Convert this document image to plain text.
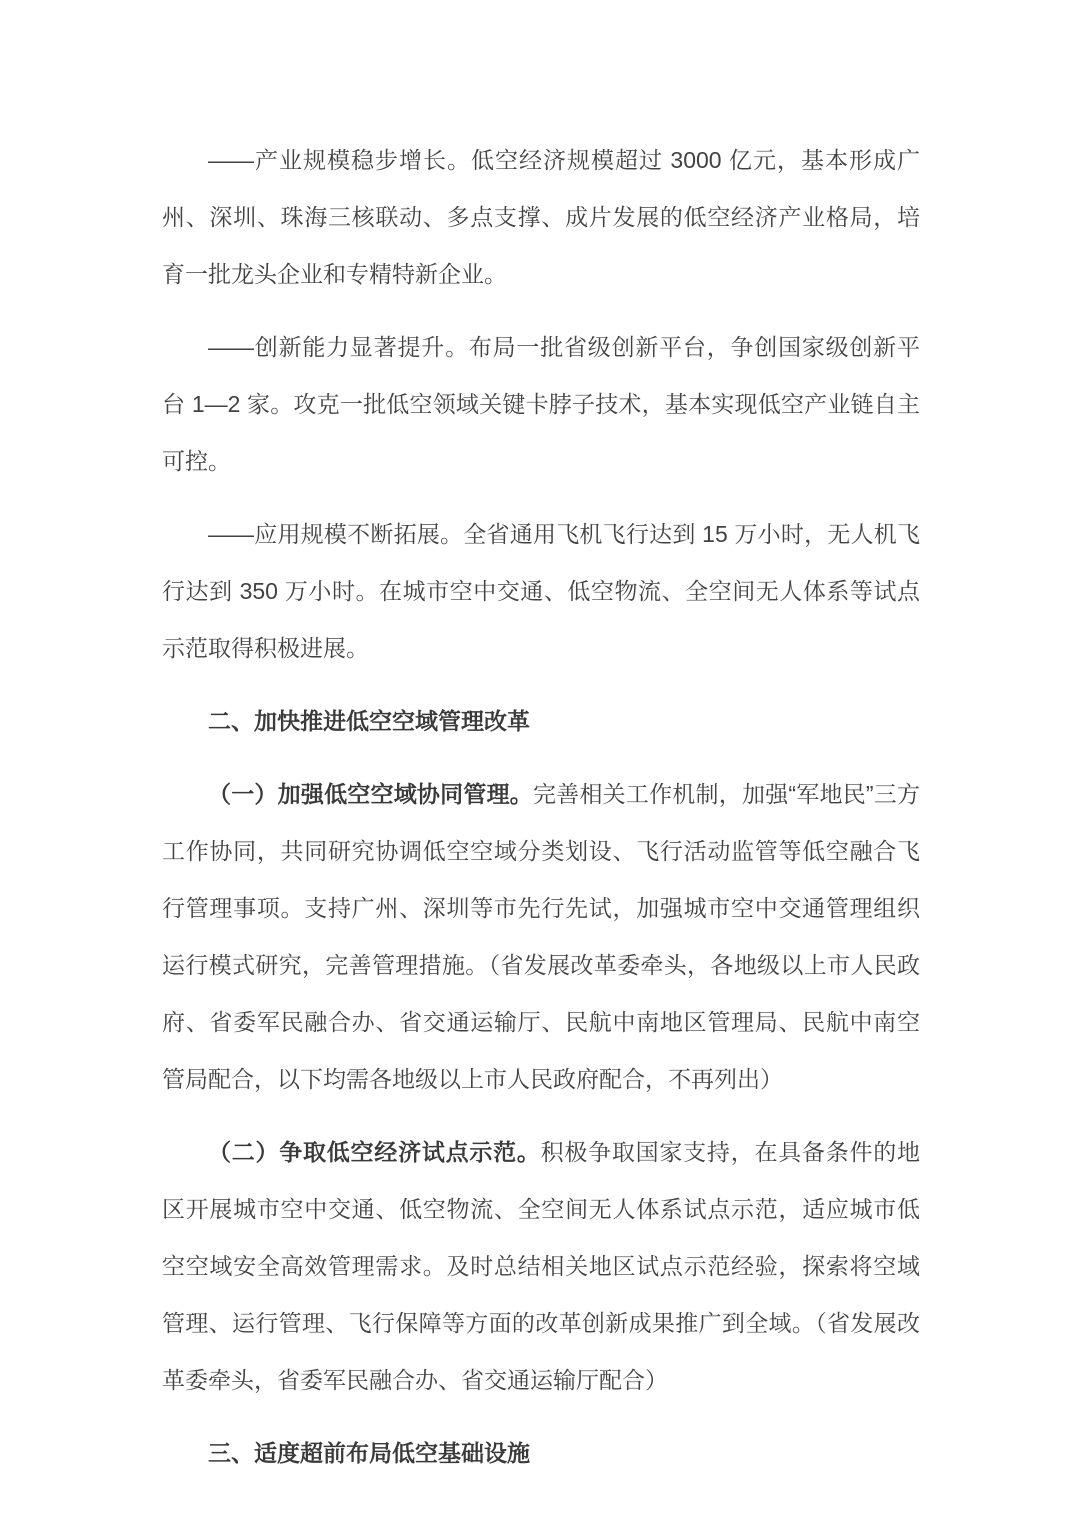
——产业规模稳步增长。低空经济规模超过 3000 亿元，基本形成广州、深圳、珠海三核联动、多点支撑、成片发展的低空经济产业格局，培育一批龙头企业和专精特新企业。

——创新能力显著提升。布局一批省级创新平台，争创国家级创新平台 1—2 家。攻克一批低空领域关键卡脖子技术，基本实现低空产业链自主可控。

——应用规模不断拓展。全省通用飞机飞行达到 15 万小时，无人机飞行达到 350 万小时。在城市空中交通、低空物流、全空间无人体系等试点示范取得积极进展。

二、加快推进低空空域管理改革

（一）加强低空空域协同管理。完善相关工作机制，加强“军地民”三方工作协同，共同研究协调低空空域分类划设、飞行活动监管等低空融合飞行管理事项。支持广州、深圳等市先行先试，加强城市空中交通管理组织运行模式研究，完善管理措施。（省发展改革委牵头，各地级以上市人民政府、省委军民融合办、省交通运输厅、民航中南地区管理局、民航中南空管局配合，以下均需各地级以上市人民政府配合，不再列出）

（二）争取低空经济试点示范。积极争取国家支持，在具备条件的地区开展城市空中交通、低空物流、全空间无人体系试点示范，适应城市低空空域安全高效管理需求。及时总结相关地区试点示范经验，探索将空域管理、运行管理、飞行保障等方面的改革创新成果推广到全域。（省发展改革委牵头，省委军民融合办、省交通运输厅配合）

三、适度超前布局低空基础设施
